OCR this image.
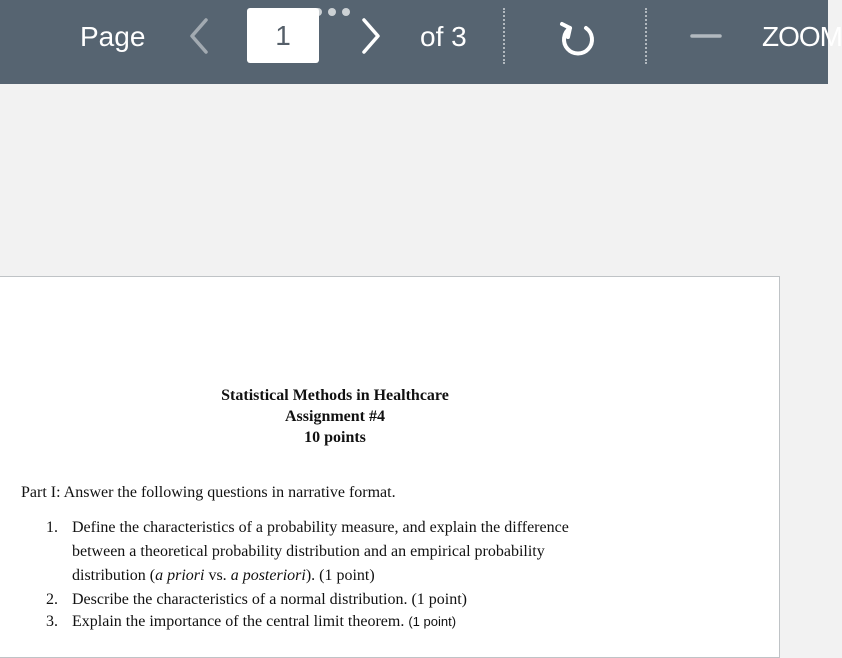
Page
1	of 3	ZOOM
Statistical Methods in Healthcare
Assignment #4
10 points
Part I: Answer the following questions in narrative format.
1. Define the characteristics of a probability measure, and explain the difference
between a theoretical probability distribution and an empirical probability
distribution (a priori vs. a posteriori). (1 point)
2. Describe the characteristics of a normal distribution. (1 point)
3. Explain the importance of the central limit theorem. (1 point)
